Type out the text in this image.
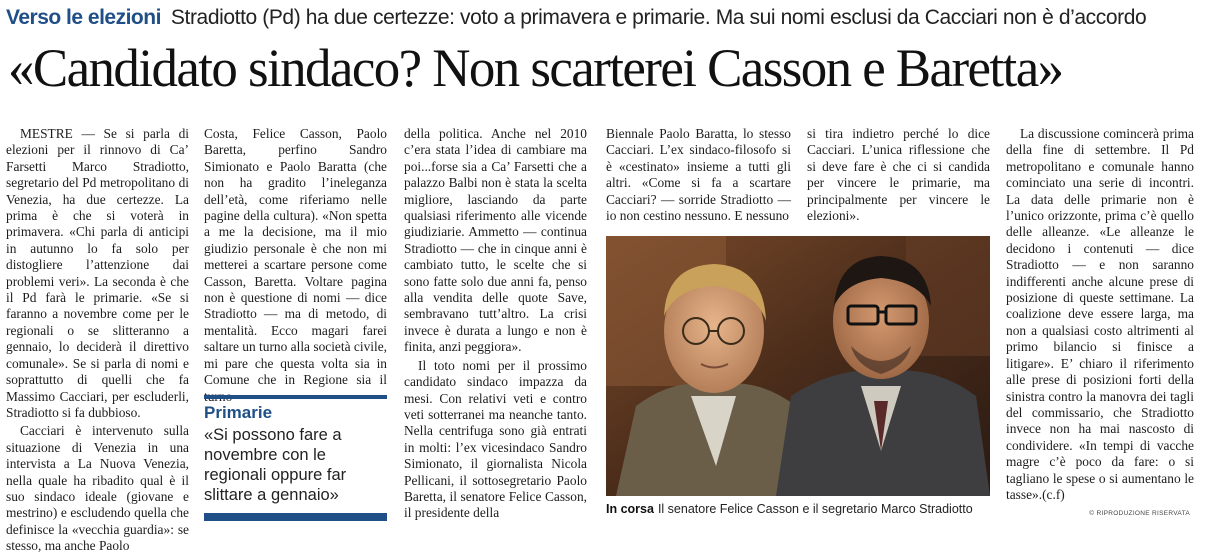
Verso le elezioni Stradiotto (Pd) ha due certezze: voto a primavera e primarie. Ma sui nomi esclusi da Cacciari non è d’accordo
«Candidato sindaco? Non scarterei Casson e Baretta»

MESTRE — Se si parla di elezioni per il rinnovo di Ca’ Farsetti Marco Stradiotto, segretario del Pd metropolitano di Venezia, ha due certezze. La prima è che si voterà in primavera. «Chi parla di anticipi in autunno lo fa solo per distogliere l’attenzione dai problemi veri». La seconda è che il Pd farà le primarie. «Se si faranno a novembre come per le regionali o se slitteranno a gennaio, lo deciderà il direttivo comunale». Se si parla di nomi e soprattutto di quelli che fa Massimo Cacciari, per escluderli, Stradiotto si fa dubbioso.

Cacciari è intervenuto sulla situazione di Venezia in una intervista a La Nuova Venezia, nella quale ha ribadito qual è il suo sindaco ideale (giovane e mestrino) e escludendo quella che definisce la «vecchia guardia»: se stesso, ma anche Paolo

Costa, Felice Casson, Paolo Baretta, perfino Sandro Simionato e Paolo Baratta (che non ha gradito l’ineleganza dell’età, come riferiamo nelle pagine della cultura). «Non spetta a me la decisione, ma il mio giudizio personale è che non mi metterei a scartare persone come Casson, Baretta. Voltare pagina non è questione di nomi — dice Stradiotto — ma di metodo, di mentalità. Ecco magari farei saltare un turno alla società civile, mi pare che questa volta sia in Comune che in Regione sia il turno

Primarie
«Si possono fare a novembre con le regionali oppure far slittare a gennaio»

della politica. Anche nel 2010 c’era stata l’idea di cambiare ma poi...forse sia a Ca’ Farsetti che a palazzo Balbi non è stata la scelta migliore, lasciando da parte qualsiasi riferimento alle vicende giudiziarie. Ammetto — continua Stradiotto — che in cinque anni è cambiato tutto, le scelte che si sono fatte solo due anni fa, penso alla vendita delle quote Save, sembravano tutt’altro. La crisi invece è durata a lungo e non è finita, anzi peggiora».

Il toto nomi per il prossimo candidato sindaco impazza da mesi. Con relativi veti e contro veti sotterranei ma neanche tanto. Nella centrifuga sono già entrati in molti: l’ex vicesindaco Sandro Simionato, il giornalista Nicola Pellicani, il sottosegretario Paolo Baretta, il senatore Felice Casson, il presidente della

Biennale Paolo Baratta, lo stesso Cacciari. L’ex sindaco-filosofo si è «cestinato» insieme a tutti gli altri. «Come si fa a scartare Cacciari? — sorride Stradiotto — io non cestino nessuno. E nessuno

si tira indietro perché lo dice Cacciari. L’unica riflessione che si deve fare è che ci si candida per vincere le primarie, ma principalmente per vincere le elezioni».

La discussione comincerà prima della fine di settembre. Il Pd metropolitano e comunale hanno cominciato una serie di incontri. La data delle primarie non è l’unico orizzonte, prima c’è quello delle alleanze. «Le alleanze le decidono i contenuti — dice Stradiotto — e non saranno indifferenti anche alcune prese di posizione di queste settimane. La coalizione deve essere larga, ma non a qualsiasi costo altrimenti al primo bilancio si finisce a litigare». E’ chiaro il riferimento alle prese di posizioni forti della sinistra contro la manovra dei tagli del commissario, che Stradiotto invece non ha mai nascosto di condividere. «In tempi di vacche magre c’è poco da fare: o si tagliano le spese o si aumentano le tasse».(c.f)

In corsa Il senatore Felice Casson e il segretario Marco Stradiotto	© RIPRODUZIONE RISERVATA
